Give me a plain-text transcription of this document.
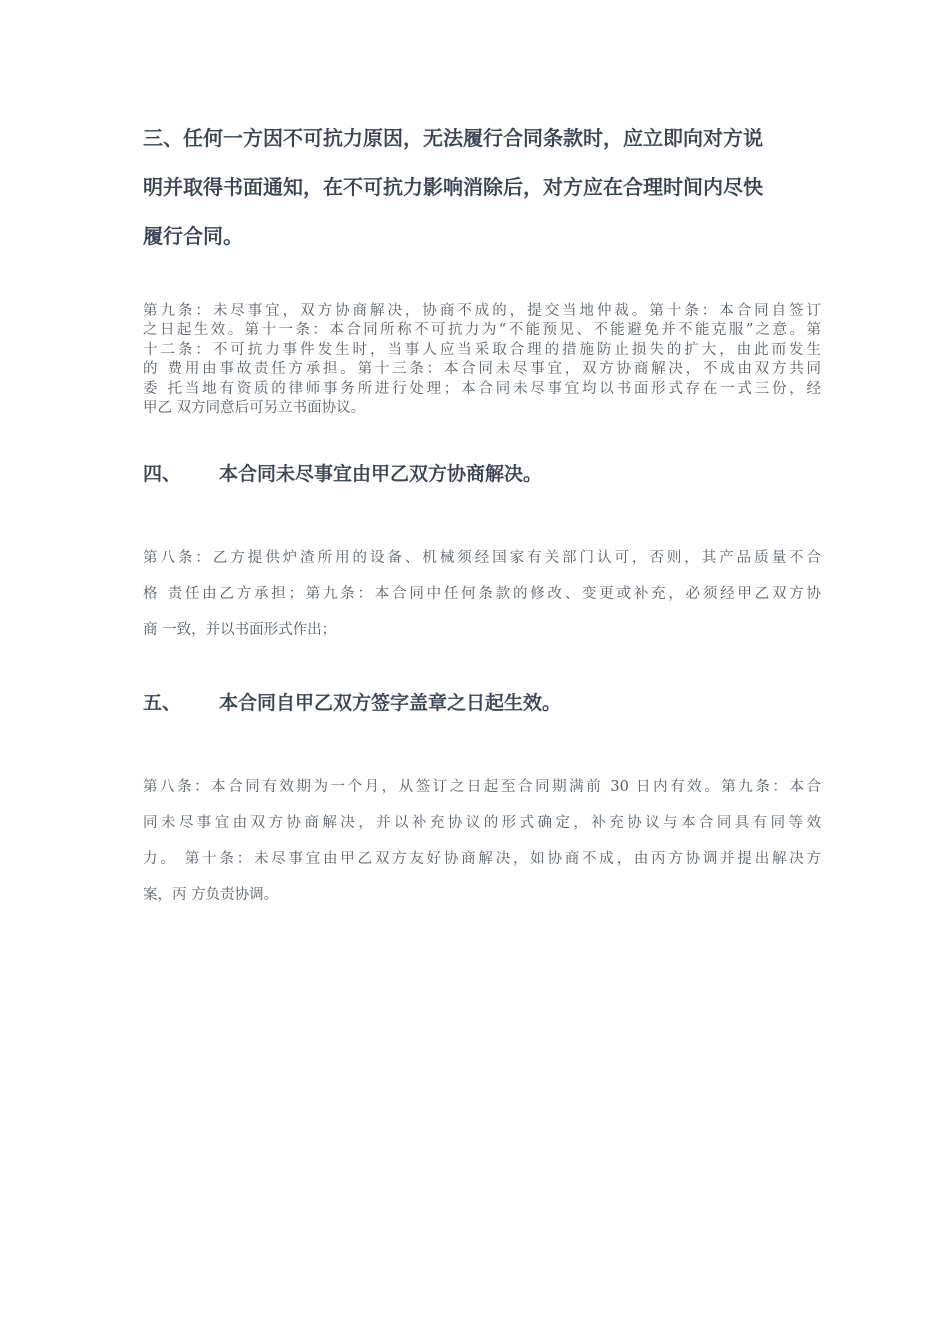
三、任何一方因不可抗力原因，无法履行合同条款时，应立即向对方说
明并取得书面通知，在不可抗力影响消除后，对方应在合理时间内尽快
履行合同。
第九条：未尽事宜，双方协商解决，协商不成的，提交当地仲裁。第十条：本合同自签订
之日起生效。第十一条：本合同所称不可抗力为“不能预见、不能避免并不能克服”之意。第
十二条：不可抗力事件发生时，当事人应当采取合理的措施防止损失的扩大，由此而发生
的 费用由事故责任方承担。第十三条：本合同未尽事宜，双方协商解决，不成由双方共同
委 托当地有资质的律师事务所进行处理；本合同未尽事宜均以书面形式存在一式三份，经
甲乙 双方同意后可另立书面协议。
四、 本合同未尽事宜由甲乙双方协商解决。
第八条：乙方提供炉渣所用的设备、机械须经国家有关部门认可，否则，其产品质量不合
格 责任由乙方承担；第九条：本合同中任何条款的修改、变更或补充，必须经甲乙双方协
商 一致，并以书面形式作出；
五、 本合同自甲乙双方签字盖章之日起生效。
第八条：本合同有效期为一个月，从签订之日起至合同期满前 30 日内有效。第九条：本合
同未尽事宜由双方协商解决，并以补充协议的形式确定，补充协议与本合同具有同等效
力。 第十条：未尽事宜由甲乙双方友好协商解决，如协商不成，由丙方协调并提出解决方
案，丙 方负责协调。
